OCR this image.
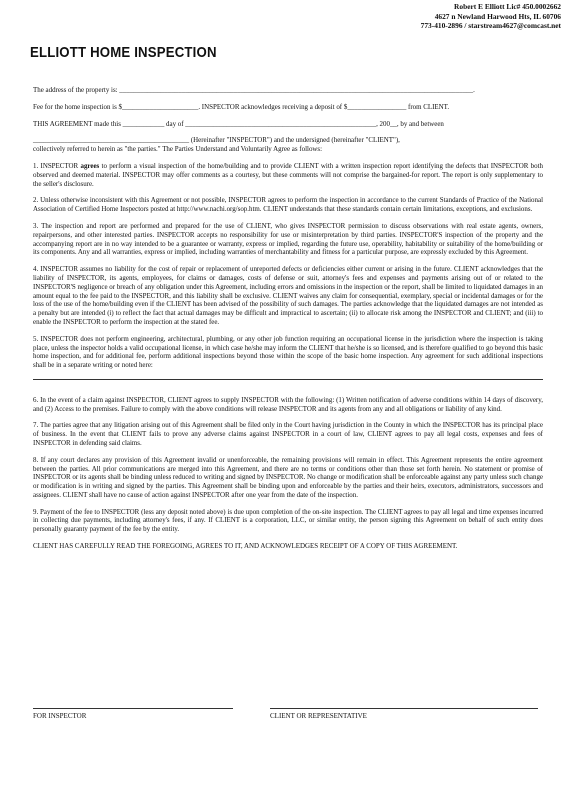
Robert E Elliott Lic# 450.0002662
4627 n Newland Harwood Hts, IL 60706
773-410-2896 / starstream4627@comcast.net
ELLIOTT HOME INSPECTION
The address of the property is: ______________________________________________________________________________________________________.
Fee for the home inspection is $______________________. INSPECTOR acknowledges receiving a deposit of $_________________ from CLIENT.
THIS AGREEMENT made this ____________ day of _______________________________________________________, 200__, by and between
_____________________________________________ (Hereinafter "INSPECTOR") and the undersigned (hereinafter "CLIENT"),
collectively referred to herein as "the parties." The Parties Understand and Voluntarily Agree as follows:

1. INSPECTOR agrees to perform a visual inspection of the home/building and to provide CLIENT with a written inspection report identifying the defects that INSPECTOR both observed and deemed material. INSPECTOR may offer comments as a courtesy, but these comments will not comprise the bargained-for report. The report is only supplementary to the seller's disclosure.

2. Unless otherwise inconsistent with this Agreement or not possible, INSPECTOR agrees to perform the inspection in accordance to the current Standards of Practice of the National Association of Certified Home Inspectors posted at http://www.nachi.org/sop.htm. CLIENT understands that these standards contain certain limitations, exceptions, and exclusions.

3. The inspection and report are performed and prepared for the use of CLIENT, who gives INSPECTOR permission to discuss observations with real estate agents, owners, repairpersons, and other interested parties. INSPECTOR accepts no responsibility for use or misinterpretation by third parties. INSPECTOR'S inspection of the property and the accompanying report are in no way intended to be a guarantee or warranty, express or implied, regarding the future use, operability, habitability or suitability of the home/building or its components. Any and all warranties, express or implied, including warranties of merchantability and fitness for a particular purpose, are expressly excluded by this Agreement.

4. INSPECTOR assumes no liability for the cost of repair or replacement of unreported defects or deficiencies either current or arising in the future. CLIENT acknowledges that the liability of INSPECTOR, its agents, employees, for claims or damages, costs of defense or suit, attorney's fees and expenses and payments arising out of or related to the INSPECTOR'S negligence or breach of any obligation under this Agreement, including errors and omissions in the inspection or the report, shall be limited to liquidated damages in an amount equal to the fee paid to the INSPECTOR, and this liability shall be exclusive. CLIENT waives any claim for consequential, exemplary, special or incidental damages or for the loss of the use of the home/building even if the CLIENT has been advised of the possibility of such damages. The parties acknowledge that the liquidated damages are not intended as a penalty but are intended (i) to reflect the fact that actual damages may be difficult and impractical to ascertain; (ii) to allocate risk among the INSPECTOR and CLIENT; and (iii) to enable the INSPECTOR to perform the inspection at the stated fee.

5. INSPECTOR does not perform engineering, architectural, plumbing, or any other job function requiring an occupational license in the jurisdiction where the inspection is taking place, unless the inspector holds a valid occupational license, in which case he/she may inform the CLIENT that he/she is so licensed, and is therefore qualified to go beyond this basic home inspection, and for additional fee, perform additional inspections beyond those within the scope of the basic home inspection. Any agreement for such additional inspections shall be in a separate writing or noted here:

6. In the event of a claim against INSPECTOR, CLIENT agrees to supply INSPECTOR with the following: (1) Written notification of adverse conditions within 14 days of discovery, and (2) Access to the premises. Failure to comply with the above conditions will release INSPECTOR and its agents from any and all obligations or liability of any kind.

7. The parties agree that any litigation arising out of this Agreement shall be filed only in the Court having jurisdiction in the County in which the INSPECTOR has its principal place of business. In the event that CLIENT fails to prove any adverse claims against INSPECTOR in a court of law, CLIENT agrees to pay all legal costs, expenses and fees of INSPECTOR in defending said claims.

8. If any court declares any provision of this Agreement invalid or unenforceable, the remaining provisions will remain in effect. This Agreement represents the entire agreement between the parties. All prior communications are merged into this Agreement, and there are no terms or conditions other than those set forth herein. No statement or promise of INSPECTOR or its agents shall be binding unless reduced to writing and signed by INSPECTOR. No change or modification shall be enforceable against any party unless such change or modification is in writing and signed by the parties. This Agreement shall be binding upon and enforceable by the parties and their heirs, executors, administrators, successors and assignees. CLIENT shall have no cause of action against INSPECTOR after one year from the date of the inspection.

9. Payment of the fee to INSPECTOR (less any deposit noted above) is due upon completion of the on-site inspection. The CLIENT agrees to pay all legal and time expenses incurred in collecting due payments, including attorney's fees, if any. If CLIENT is a corporation, LLC, or similar entity, the person signing this Agreement on behalf of such entity does personally guaranty payment of the fee by the entity.

CLIENT HAS CAREFULLY READ THE FOREGOING, AGREES TO IT, AND ACKNOWLEDGES RECEIPT OF A COPY OF THIS AGREEMENT.

FOR INSPECTOR	CLIENT OR REPRESENTATIVE
